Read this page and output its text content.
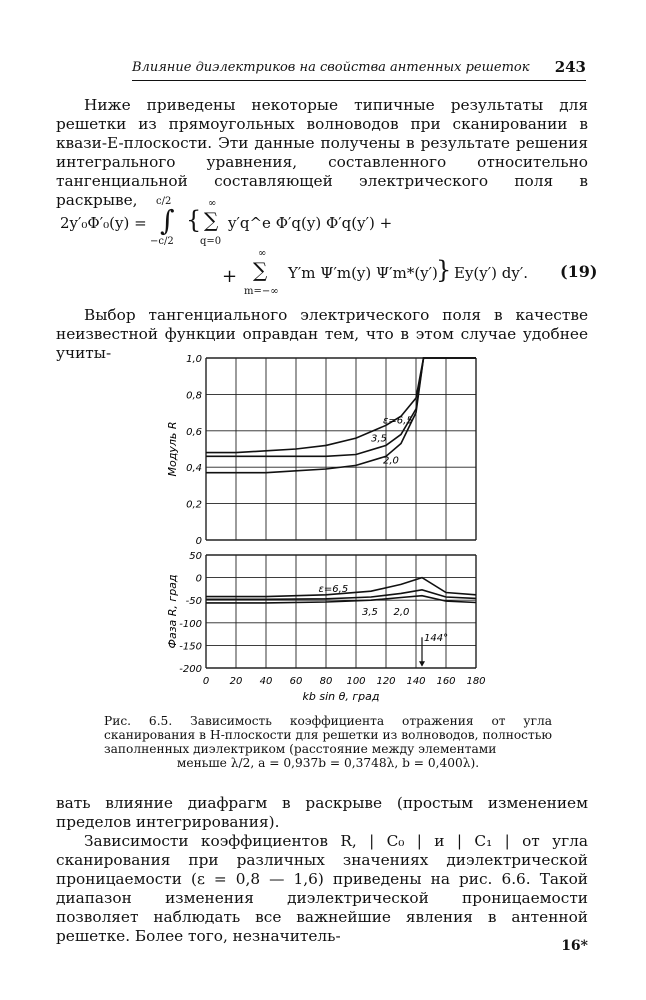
Влияние диэлектриков на свойства антенных решеток 243

Ниже приведены некоторые типичные результаты для решетки из прямоугольных волноводов при сканировании в квази-E-плоскости. Эти данные получены в результате решения интегрального уравнения, составленного относительно тангенциальной составляющей электрического поля в раскрыве,

2y′₀Φ′₀(y) = ∫
c/2
−c/2
{
∞
∑
q=0
y′q^e Φ′q(y) Φ′q(y′) +
+
∞
∑
m=−∞
Y′m Ψ′m(y) Ψ′m*(y′)
} Ey(y′) dy′. (19)

Выбор тангенциального электрического поля в качестве неизвестной функции оправдан тем, что в этом случае удобнее учиты-

0
0,2
0,4
0,6
0,8
1,0
Модуль R
ε=6,5
3,5
2,0
-200
-150
-100
-50
0
50
Фаза R, град	ε=6,5
3,5 2,0
144°
0 20 40 60 80 100 120 140 160 180
kb sin θ, град
Рис. 6.5. Зависимость коэффициента отражения от угла сканирования в H-плоскости для решетки из волноводов, полностью заполненных диэлектриком (расстояние между элементами
меньше λ/2, a = 0,937b = 0,3748λ, b = 0,400λ).

вать влияние диафрагм в раскрыве (простым изменением пределов интегрирования).

Зависимости коэффициентов R, | C₀ | и | C₁ | от угла сканирования при различных значениях диэлектрической проницаемости (ε = 0,8 — 1,6) приведены на рис. 6.6. Такой диапазон изменения диэлектрической проницаемости позволяет наблюдать все важнейшие явления в антенной решетке. Более того, незначитель-

16*
